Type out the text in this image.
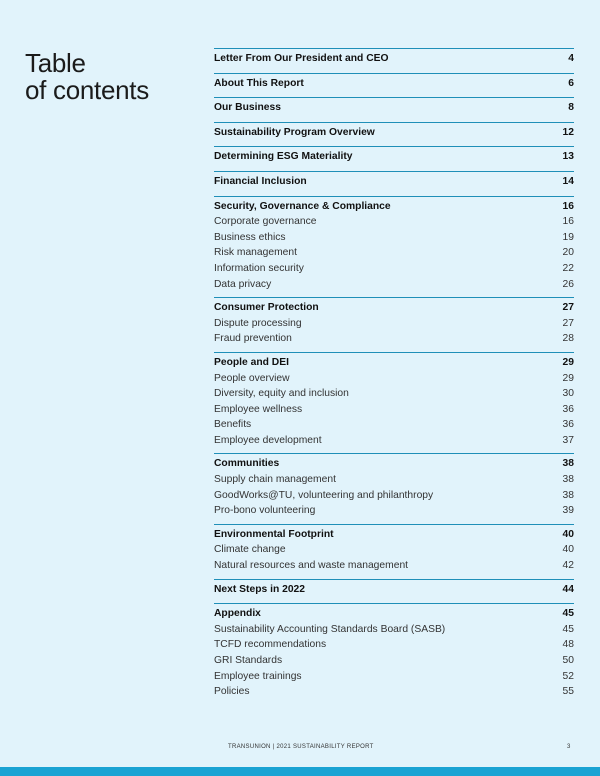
Table
of contents
Letter From Our President and CEO	4
About This Report	6
Our Business	8
Sustainability Program Overview	12
Determining ESG Materiality	13
Financial Inclusion	14
Security, Governance & Compliance	16
Corporate governance	16
Business ethics	19
Risk management	20
Information security	22
Data privacy	26
Consumer Protection	27
Dispute processing	27
Fraud prevention	28
People and DEI	29
People overview	29
Diversity, equity and inclusion	30
Employee wellness	36
Benefits	36
Employee development	37
Communities	38
Supply chain management	38
GoodWorks@TU, volunteering and philanthropy	38
Pro-bono volunteering	39
Environmental Footprint	40
Climate change	40
Natural resources and waste management	42
Next Steps in 2022	44
Appendix	45
Sustainability Accounting Standards Board (SASB)	45
TCFD recommendations	48
GRI Standards	50
Employee trainings	52
Policies	55
TRANSUNION | 2021 SUSTAINABILITY REPORT	3
